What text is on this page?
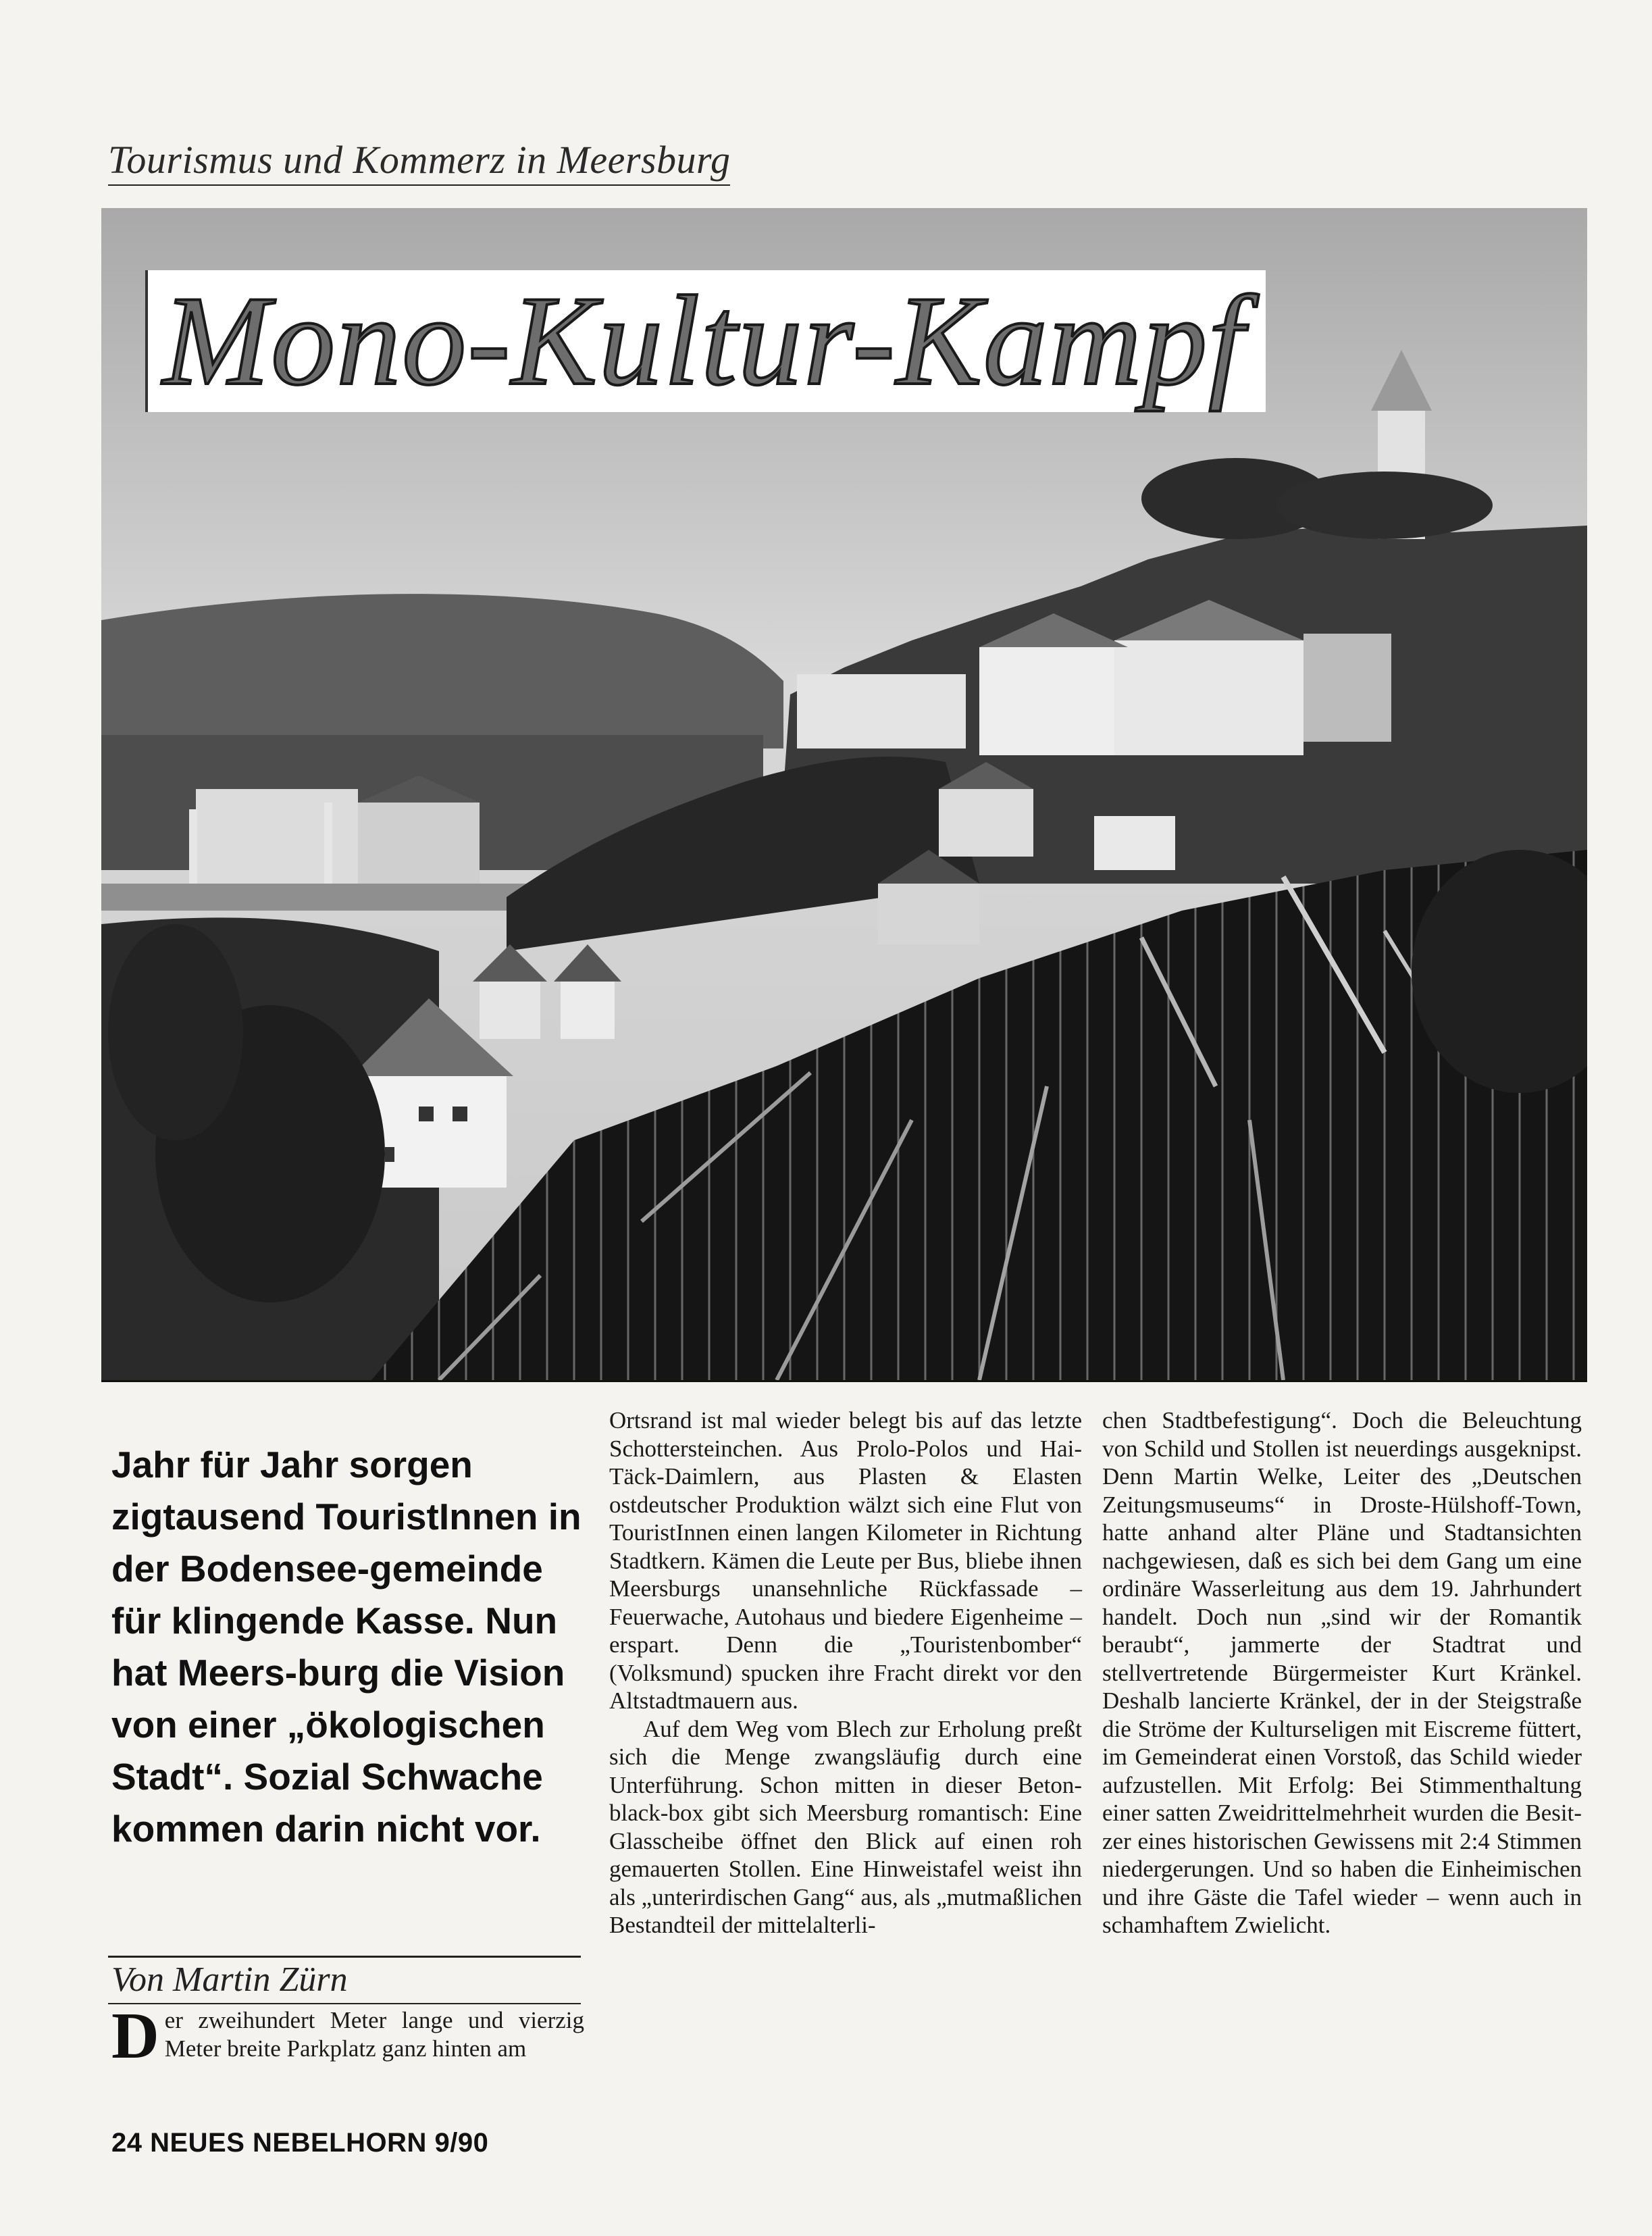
Tourismus und Kommerz in Meersburg
Mono-Kultur-Kampf
Jahr für Jahr sorgen zigtausend TouristInnen in der Bodensee-gemeinde für klingende Kasse. Nun hat Meers-burg die Vision von einer „ökologischen Stadt“. Sozial Schwache kommen darin nicht vor.
Von Martin Zürn

Der zweihundert Meter lange und vierzig Meter breite Parkplatz ganz hinten am

Ortsrand ist mal wieder belegt bis auf das letzte Schottersteinchen. Aus Prolo-Polos und Hai-Täck-Daimlern, aus Plasten & Elasten ostdeutscher Produktion wälzt sich eine Flut von TouristInnen einen langen Kilometer in Richtung Stadtkern. Kämen die Leute per Bus, bliebe ihnen Meersburgs unansehnliche Rückfassade – Feuerwache, Autohaus und biedere Eigenheime – erspart. Denn die „Touristenbomber“ (Volksmund) spucken ihre Fracht direkt vor den Altstadtmauern aus.

Auf dem Weg vom Blech zur Erholung preßt sich die Menge zwangsläufig durch eine Unterführung. Schon mitten in dieser Betonblack-box gibt sich Meersburg romantisch: Eine Glasscheibe öffnet den Blick auf einen roh gemauerten Stollen. Eine Hinweistafel weist ihn als „unterirdischen Gang“ aus, als „mutmaßlichen Bestandteil der mittelalterli-

chen Stadtbefestigung“. Doch die Beleuchtung von Schild und Stollen ist neuerdings ausgeknipst. Denn Martin Welke, Leiter des „Deutschen Zeitungsmuseums“ in Droste-Hülshoff-Town, hatte anhand alter Pläne und Stadtansichten nachgewiesen, daß es sich bei dem Gang um eine ordinäre Wasserleitung aus dem 19. Jahrhundert handelt. Doch nun „sind wir der Romantik beraubt“, jammerte der Stadtrat und stellvertretende Bürgermeister Kurt Kränkel. Deshalb lancierte Kränkel, der in der Steigstraße die Ströme der Kulturseligen mit Eiscreme füttert, im Gemeinderat einen Vorstoß, das Schild wieder aufzustellen. Mit Erfolg: Bei Stimmenthaltung einer satten Zweidrittelmehrheit wurden die Besitzer eines historischen Gewissens mit 2:4 Stimmen niedergerungen. Und so haben die Einheimischen und ihre Gäste die Tafel wieder – wenn auch in schamhaftem Zwielicht.

24 NEUES NEBELHORN 9/90
